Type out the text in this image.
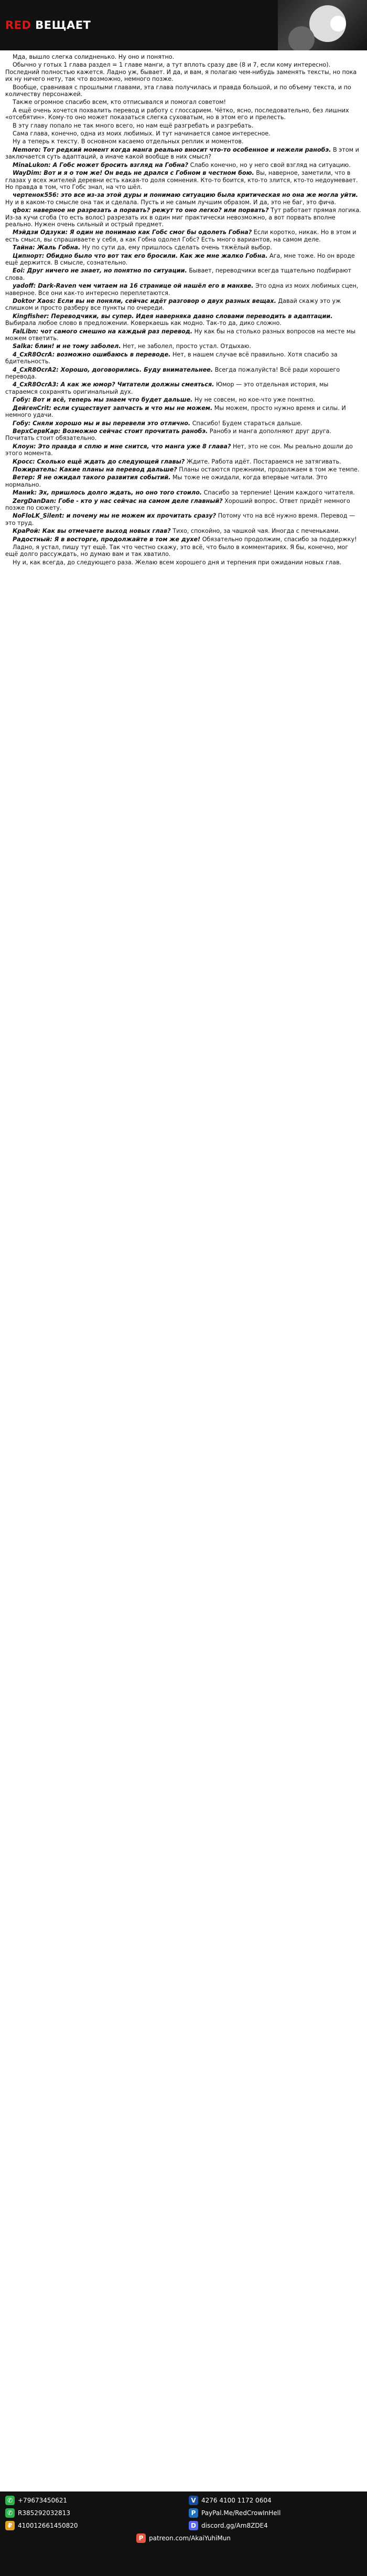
RED ВЕЩАЕТ

Мда, вышло слегка солидненько. Ну оно и понятно.

Обычно у готых 1 глава раздел = 1 главе манги, а тут вплоть сразу две (8 и 7, если кому интересно). Последний полностью кажется. Ладно уж, бывает. И да, и вам, я полагаю чем-нибудь заменять тексты, но пока их ну ничего нету, так что возможно, немного позже.

Вообще, сравнивая с прошлыми главами, эта глава получилась и правда большой, и по объему текста, и по количеству персонажей.

Также огромное спасибо всем, кто отписывался и помогал советом!

А ещё очень хочется похвалить перевод и работу с глоссарием. Чётко, ясно, последовательно, без лишних «отсебятин». Кому-то оно может показаться слегка суховатым, но в этом его и прелесть.

В эту главу попало не так много всего, но нам ещё разгребать и разгребать.

Сама глава, конечно, одна из моих любимых. И тут начинается самое интересное.

Ну а теперь к тексту. В основном касаемо отдельных реплик и моментов.

Nemoro: Тот редкий момент когда манга реально вносит что-то особенное и нежели ранобэ. В этом и заключается суть адаптаций, а иначе какой вообще в них смысл?

MinaLukon: А Гобс может бросить взгляд на Гобна? Слабо конечно, но у него свой взгляд на ситуацию.

WayDim: Вот и я о том же! Он ведь не дрался с Гобном в честном бою. Вы, наверное, заметили, что в глазах у всех жителей деревни есть какая-то доля сомнения. Кто-то боится, кто-то злится, кто-то недоумевает. Но правда в том, что Гобс знал, на что шёл.

чертенок556: это все из-за этой дуры и понимаю ситуацию была критическая но она же могла уйти. Ну и в каком-то смысле она так и сделала. Пусть и не самым лучшим образом. И да, это не баг, это фича.

qbox: наверное не разрезать а порвать? режут то оно легко? или порвать? Тут работает прямая логика. Из-за кучи сгоба (то есть волос) разрезать их в один миг практически невозможно, а вот порвать вполне реально. Нужен очень сильный и острый предмет.

Мэйдзи Одзуки: Я один не понимаю как Гобс смог бы одолеть Гобна? Если коротко, никак. Но в этом и есть смысл, вы спрашиваете у себя, а как Гобна одолел Гобс? Есть много вариантов, на самом деле.

Тайна: Жаль Гобна. Ну по сути да, ему пришлось сделать очень тяжёлый выбор.

Ципнорт: Обидно было что вот так его бросили. Как же мне жалко Гобна. Ага, мне тоже. Но он вроде ещё держится. В смысле, сознательно.

Eoi: Друг ничего не знает, но понятно по ситуации. Бывает, переводчики всегда тщательно подбирают слова.

yadoff: Dark-Raven чем читаем на 16 странице ой нашёл его в манхве. Это одна из моих любимых сцен, наверное. Все они как-то интересно переплетаются.

Doktor Xaos: Если вы не поняли, сейчас идёт разговор о двух разных вещах. Давай скажу это уж слишком и просто разберу все пункты по очереди.

Kingfisher: Переводчики, вы супер. Идея наверняка давно словами переводить в адаптации. Выбирала любое слово в предложении. Коверкаешь как модно. Так-то да, дико сложно.

FalLibn: чот самого смешно на каждый раз перевод. Ну как бы на столько разных вопросов на месте мы можем ответить.

Salka: блин! и не тому заболел. Нет, не заболел, просто устал. Отдыхаю.

4_CxR8OcrA: возможно ошибаюсь в переводе. Нет, в нашем случае всё правильно. Хотя спасибо за бдительность.

4_CxR8OcrA2: Хорошо, договорились. Буду внимательнее. Всегда пожалуйста! Всё ради хорошего перевода.

4_CxR8OcrA3: А как же юмор? Читатели должны смеяться. Юмор — это отдельная история, мы стараемся сохранять оригинальный дух.

Гoбу: Вот и всё, теперь мы знаем что будет дальше. Ну не совсем, но кое-что уже понятно.

ДейгенCrit: если существует запчасть и что мы не можем. Мы можем, просто нужно время и силы. И немного удачи.

Гoбу: Сняли хорошо мы и вы перевели это отлично. Спасибо! Будем стараться дальше.

ВерхСервКар: Возможно сейчас стоит прочитать ранобэ. Ранобэ и манга дополняют друг друга. Почитать стоит обязательно.

Клоун: Это правда я сплю и мне снится, что манга уже 8 глава? Нет, это не сон. Мы реально дошли до этого момента.

Кросс: Сколько ещё ждать до следующей главы? Ждите. Работа идёт. Постараемся не затягивать.

Пожиратель: Какие планы на перевод дальше? Планы остаются прежними, продолжаем в том же темпе.

Ветер: Я не ожидал такого развития событий. Мы тоже не ожидали, когда впервые читали. Это нормально.

Маниk: Эх, пришлось долго ждать, но оно того стоило. Спасибо за терпение! Ценим каждого читателя.

ZergDanDan: Гобе - кто у нас сейчас на самом деле главный? Хороший вопрос. Ответ придёт немного позже по сюжету.

NoFloLK_Silent: и почему мы не можем их прочитать сразу? Потому что на всё нужно время. Перевод — это труд.

КраРой: Как вы отмечаете выход новых глав? Тихо, спокойно, за чашкой чая. Иногда с печеньками.

Радостный: Я в восторге, продолжайте в том же духе! Обязательно продолжим, спасибо за поддержку!

Ладно, я устал, пишу тут ещё. Так что честно скажу, это всё, что было в комментариях. Я бы, конечно, мог ещё долго рассуждать, но думаю вам и так хватило.

Ну и, как всегда, до следующего раза. Желаю всем хорошего дня и терпения при ожидании новых глав.

✆ +79673450621	V 4276 4100 1172 0604
✆ R385292032813	P PayPal.Me/RedCrowInHell
₽ 410012661450820	D discord.gg/Am8ZDE4
P patreon.com/AkaiYuhiMun
